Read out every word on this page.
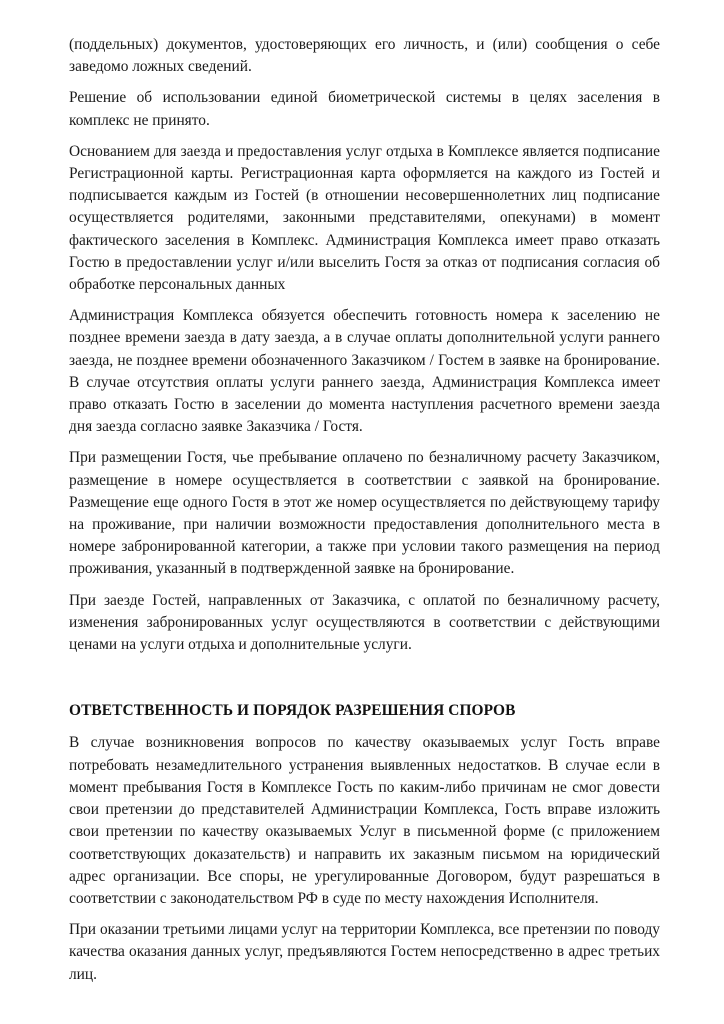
(поддельных) документов, удостоверяющих его личность, и (или) сообщения о себе заведомо ложных сведений.

Решение об использовании единой биометрической системы в целях заселения в комплекс не принято.

Основанием для заезда и предоставления услуг отдыха в Комплексе является подписание Регистрационной карты. Регистрационная карта оформляется на каждого из Гостей и подписывается каждым из Гостей (в отношении несовершеннолетних лиц подписание осуществляется родителями, законными представителями, опекунами) в момент фактического заселения в Комплекс. Администрация Комплекса имеет право отказать Гостю в предоставлении услуг и/или выселить Гостя за отказ от подписания согласия об обработке персональных данных

Администрация Комплекса обязуется обеспечить готовность номера к заселению не позднее времени заезда в дату заезда, а в случае оплаты дополнительной услуги раннего заезда, не позднее времени обозначенного Заказчиком / Гостем в заявке на бронирование. В случае отсутствия оплаты услуги раннего заезда, Администрация Комплекса имеет право отказать Гостю в заселении до момента наступления расчетного времени заезда дня заезда согласно заявке Заказчика / Гостя.

При размещении Гостя, чье пребывание оплачено по безналичному расчету Заказчиком, размещение в номере осуществляется в соответствии с заявкой на бронирование. Размещение еще одного Гостя в этот же номер осуществляется по действующему тарифу на проживание, при наличии возможности предоставления дополнительного места в номере забронированной категории, а также при условии такого размещения на период проживания, указанный в подтвержденной заявке на бронирование.

При заезде Гостей, направленных от Заказчика, с оплатой по безналичному расчету, изменения забронированных услуг осуществляются в соответствии с действующими ценами на услуги отдыха и дополнительные услуги.

ОТВЕТСТВЕННОСТЬ И ПОРЯДОК РАЗРЕШЕНИЯ СПОРОВ

В случае возникновения вопросов по качеству оказываемых услуг Гость вправе потребовать незамедлительного устранения выявленных недостатков. В случае если в момент пребывания Гостя в Комплексе Гость по каким-либо причинам не смог довести свои претензии до представителей Администрации Комплекса, Гость вправе изложить свои претензии по качеству оказываемых Услуг в письменной форме (с приложением соответствующих доказательств) и направить их заказным письмом на юридический адрес организации. Все споры, не урегулированные Договором, будут разрешаться в соответствии с законодательством РФ в суде по месту нахождения Исполнителя.

При оказании третьими лицами услуг на территории Комплекса, все претензии по поводу качества оказания данных услуг, предъявляются Гостем непосредственно в адрес третьих лиц.
